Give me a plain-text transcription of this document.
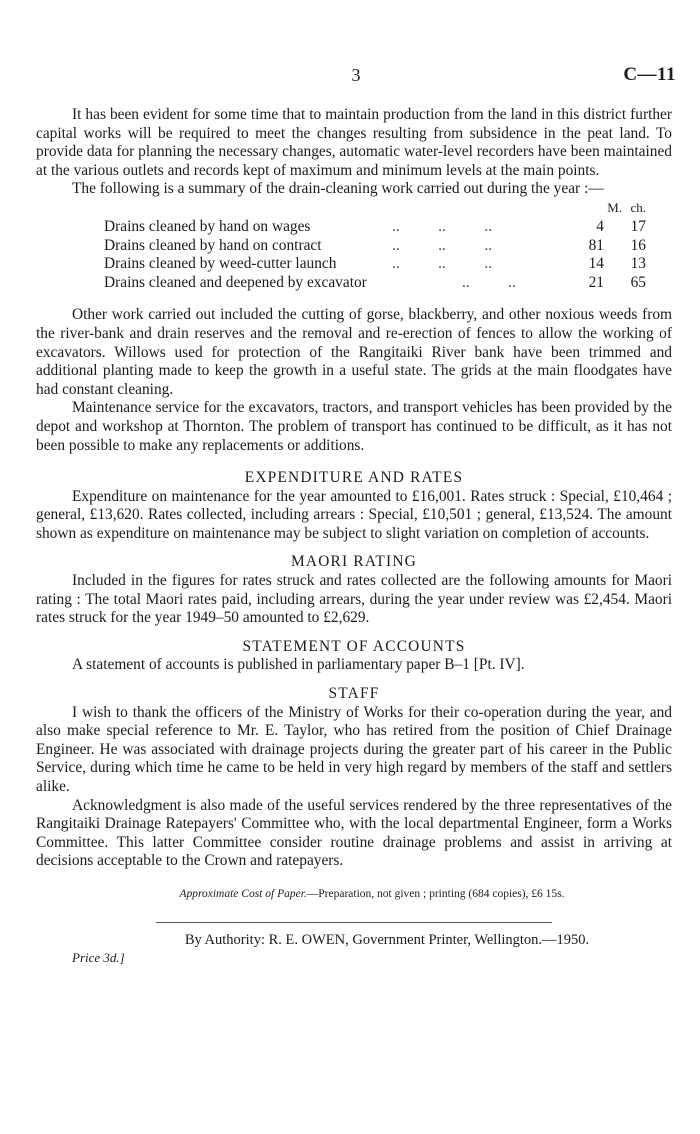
3	C—11

It has been evident for some time that to maintain production from the land in this district further capital works will be required to meet the changes resulting from subsidence in the peat land. To provide data for planning the necessary changes, automatic water-level recorders have been maintained at the various outlets and records kept of maximum and minimum levels at the main points.

The following is a summary of the drain-cleaning work carried out during the year :—

M. ch.
Drains cleaned by hand on wages	..          ..          ..	4	17
Drains cleaned by hand on contract	..          ..          ..	81	16
Drains cleaned by weed-cutter launch	..          ..          ..	14	13
Drains cleaned and deepened by excavator	..          ..	21	65

Other work carried out included the cutting of gorse, blackberry, and other noxious weeds from the river-bank and drain reserves and the removal and re-erection of fences to allow the working of excavators. Willows used for protection of the Rangitaiki River bank have been trimmed and additional planting made to keep the growth in a useful state. The grids at the main floodgates have had constant cleaning.

Maintenance service for the excavators, tractors, and transport vehicles has been provided by the depot and workshop at Thornton. The problem of transport has continued to be difficult, as it has not been possible to make any replacements or additions.

EXPENDITURE AND RATES

Expenditure on maintenance for the year amounted to £16,001. Rates struck : Special, £10,464 ; general, £13,620. Rates collected, including arrears : Special, £10,501 ; general, £13,524. The amount shown as expenditure on maintenance may be subject to slight variation on completion of accounts.

MAORI RATING

Included in the figures for rates struck and rates collected are the following amounts for Maori rating : The total Maori rates paid, including arrears, during the year under review was £2,454. Maori rates struck for the year 1949–50 amounted to £2,629.

STATEMENT OF ACCOUNTS

A statement of accounts is published in parliamentary paper B–1 [Pt. IV].

STAFF

I wish to thank the officers of the Ministry of Works for their co-operation during the year, and also make special reference to Mr. E. Taylor, who has retired from the position of Chief Drainage Engineer. He was associated with drainage projects during the greater part of his career in the Public Service, during which time he came to be held in very high regard by members of the staff and settlers alike.

Acknowledgment is also made of the useful services rendered by the three representatives of the Rangitaiki Drainage Ratepayers' Committee who, with the local departmental Engineer, form a Works Committee. This latter Committee consider routine drainage problems and assist in arriving at decisions acceptable to the Crown and ratepayers.

Approximate Cost of Paper.—Preparation, not given ; printing (684 copies), £6 15s.

By Authority: R. E. OWEN, Government Printer, Wellington.—1950.

Price 3d.]
